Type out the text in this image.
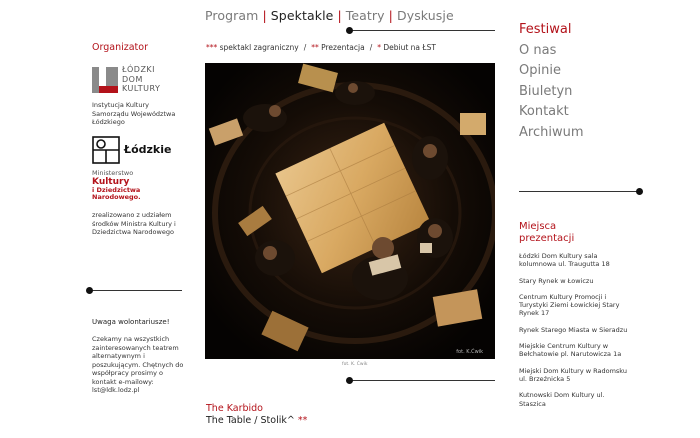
Program | Spektakle | Teatry | Dyskusje
*** spektakl zagraniczny / ** Prezentacja / * Debiut na ŁST
Organizator
ŁÓDZKI
DOM
KULTURY
Instytucja Kultury Samorządu Województwa Łódzkiego
Łódzkie
Ministerstwo
Kultury
i Dziedzictwa
Narodowego.
zrealizowano z udziałem środków Ministra Kultury i Dziedzictwa Narodowego
Uwaga wolontariusze!
Czekamy na wszystkich zainteresowanych teatrem alternatywnym i poszukującym. Chętnych do współpracy prosimy o kontakt e-mailowy: lst@ldk.lodz.pl
fot. K.Ćwik
fot. K. Ćwik
The Karbido
The Table / Stolik^ **
Festiwal
O nas
Opinie
Biuletyn
Kontakt
Archiwum
Miejsca prezentacji
Łódzki Dom Kultury sala kolumnowa ul. Traugutta 18
Stary Rynek w Łowiczu
Centrum Kultury Promocji i Turystyki Ziemi Łowickiej Stary Rynek 17
Rynek Starego Miasta w Sieradzu
Miejskie Centrum Kultury w Bełchatowie pl. Narutowicza 1a
Miejski Dom Kultury w Radomsku ul. Brzeźnicka 5
Kutnowski Dom Kultury ul. Staszica
